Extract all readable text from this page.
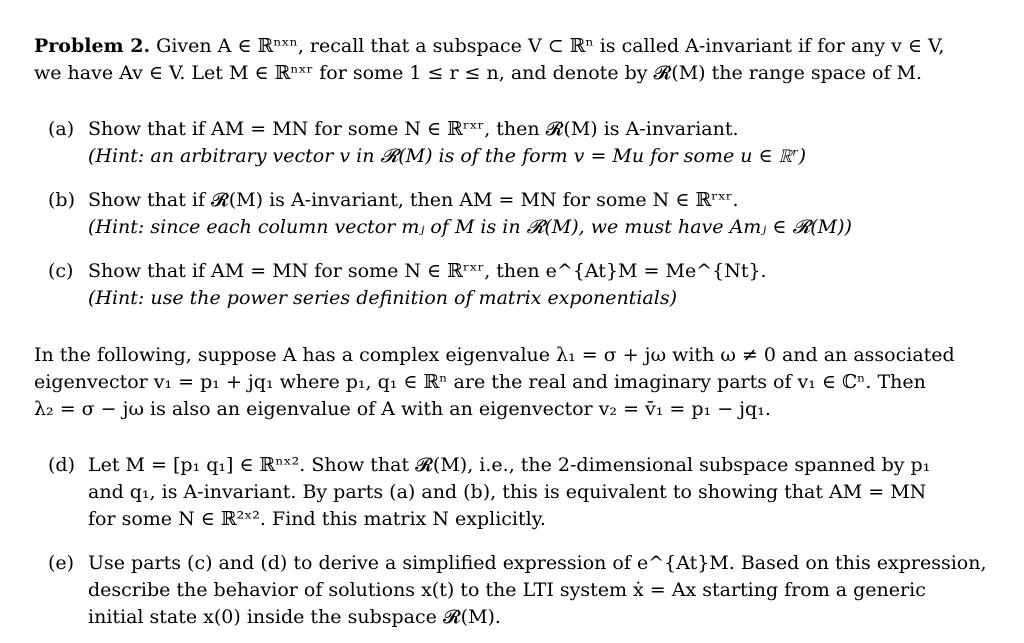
Problem 2. Given A ∈ ℝⁿˣⁿ, recall that a subspace V ⊂ ℝⁿ is called A-invariant if for any v ∈ V,
we have Av ∈ V. Let M ∈ ℝⁿˣʳ for some 1 ≤ r ≤ n, and denote by 𝓡(M) the range space of M.
(a) Show that if AM = MN for some N ∈ ℝʳˣʳ, then 𝓡(M) is A-invariant.
(Hint: an arbitrary vector v in 𝓡(M) is of the form v = Mu for some u ∈ ℝʳ)
(b) Show that if 𝓡(M) is A-invariant, then AM = MN for some N ∈ ℝʳˣʳ.
(Hint: since each column vector mⱼ of M is in 𝓡(M), we must have Amⱼ ∈ 𝓡(M))
(c) Show that if AM = MN for some N ∈ ℝʳˣʳ, then e^{At}M = Me^{Nt}.
(Hint: use the power series definition of matrix exponentials)
In the following, suppose A has a complex eigenvalue λ₁ = σ + jω with ω ≠ 0 and an associated
eigenvector v₁ = p₁ + jq₁ where p₁, q₁ ∈ ℝⁿ are the real and imaginary parts of v₁ ∈ ℂⁿ. Then
λ₂ = σ − jω is also an eigenvalue of A with an eigenvector v₂ = v̄₁ = p₁ − jq₁.
(d) Let M = [p₁ q₁] ∈ ℝⁿˣ². Show that 𝓡(M), i.e., the 2-dimensional subspace spanned by p₁
and q₁, is A-invariant. By parts (a) and (b), this is equivalent to showing that AM = MN
for some N ∈ ℝ²ˣ². Find this matrix N explicitly.
(e) Use parts (c) and (d) to derive a simplified expression of e^{At}M. Based on this expression,
describe the behavior of solutions x(t) to the LTI system ẋ = Ax starting from a generic
initial state x(0) inside the subspace 𝓡(M).
